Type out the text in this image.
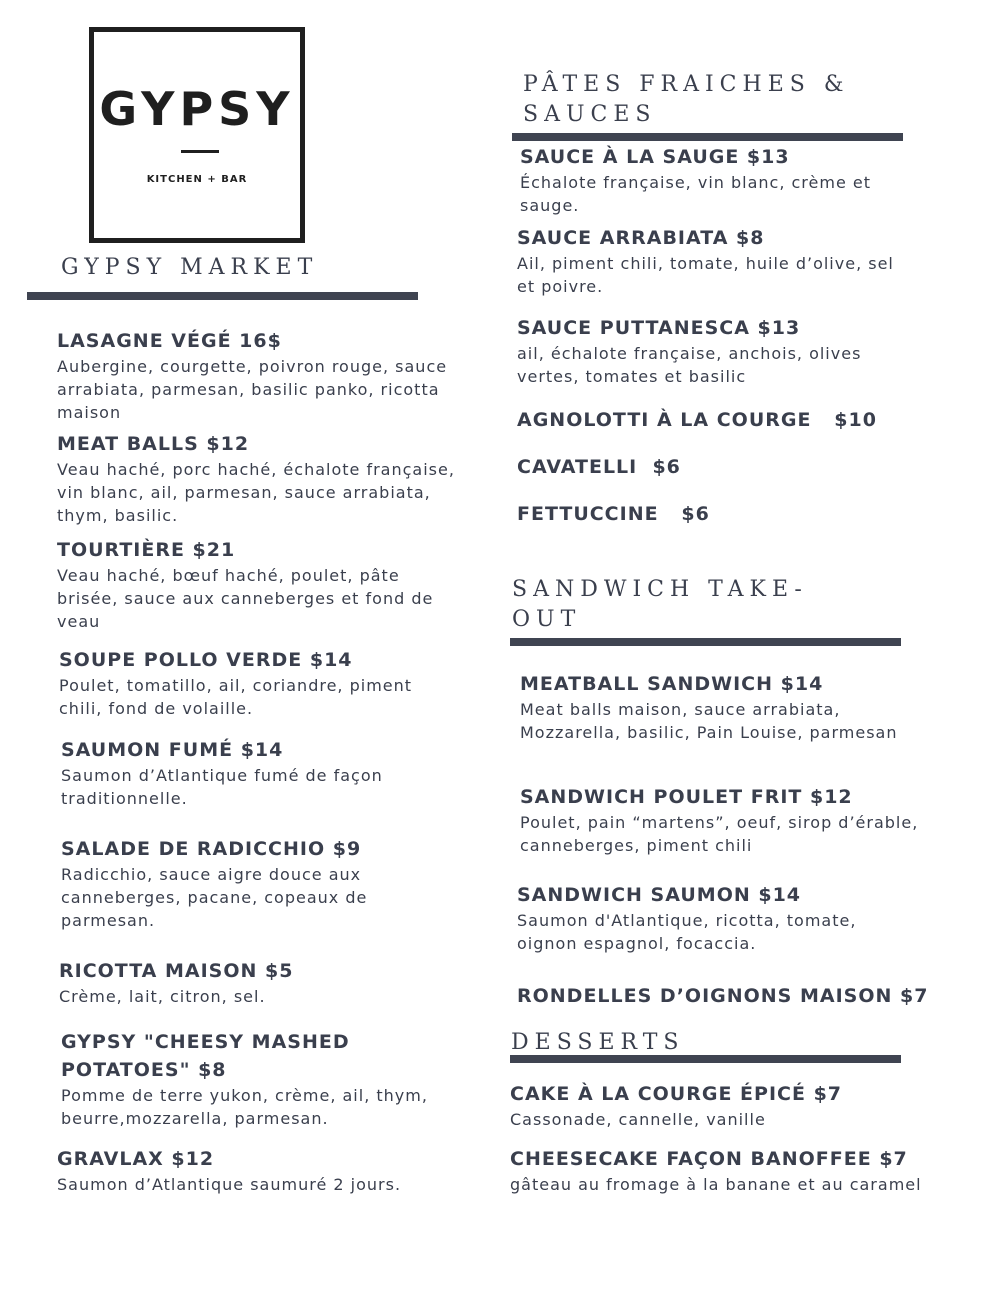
GYPSY
KITCHEN + BAR
GYPSY MARKET

LASAGNE VÉGÉ 16$

Aubergine, courgette, poivron rouge, sauce arrabiata, parmesan, basilic panko, ricotta maison

MEAT BALLS $12

Veau haché, porc haché, échalote française, vin blanc, ail, parmesan, sauce arrabiata, thym, basilic.

TOURTIÈRE $21

Veau haché, bœuf haché, poulet, pâte brisée, sauce aux canneberges et fond de veau

SOUPE POLLO VERDE $14

Poulet, tomatillo, ail, coriandre, piment chili, fond de volaille.

SAUMON FUMÉ $14

Saumon d’Atlantique fumé de façon traditionnelle.

SALADE DE RADICCHIO $9

Radicchio, sauce aigre douce aux canneberges, pacane, copeaux de parmesan.

RICOTTA MAISON $5

Crème, lait, citron, sel.

GYPSY "CHEESY MASHED POTATOES" $8

Pomme de terre yukon, crème, ail, thym, beurre,mozzarella, parmesan.

GRAVLAX $12

Saumon d’Atlantique saumuré 2 jours.

PÂTES FRAICHES & SAUCES

SAUCE À LA SAUGE $13

Échalote française, vin blanc, crème et sauge.

SAUCE ARRABIATA $8

Ail, piment chili, tomate, huile d’olive, sel et poivre.

SAUCE PUTTANESCA $13

ail, échalote française, anchois, olives vertes, tomates et basilic

AGNOLOTTI À LA COURGE   $10

CAVATELLI  $6

FETTUCCINE   $6

SANDWICH TAKE-OUT

MEATBALL SANDWICH $14

Meat balls maison, sauce arrabiata, Mozzarella, basilic, Pain Louise, parmesan

SANDWICH POULET FRIT $12

Poulet, pain “martens”, oeuf, sirop d’érable, canneberges, piment chili

SANDWICH SAUMON $14

Saumon d'Atlantique, ricotta, tomate, oignon espagnol, focaccia.

RONDELLES D’OIGNONS MAISON $7

DESSERTS

CAKE À LA COURGE ÉPICÉ $7

Cassonade, cannelle, vanille

CHEESECAKE FAÇON BANOFFEE $7

gâteau au fromage à la banane et au caramel
